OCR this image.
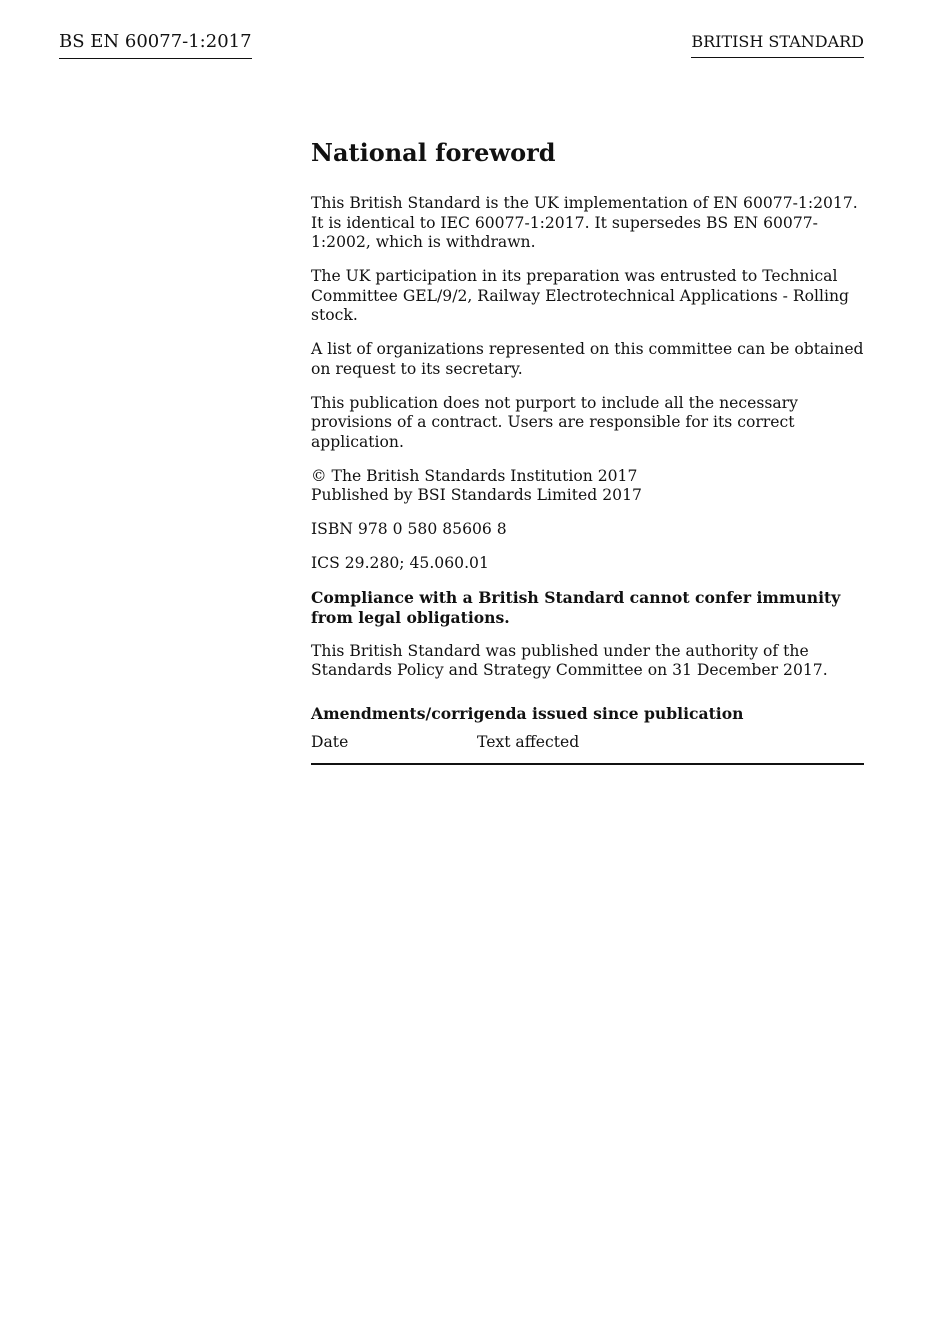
BS EN 60077-1:2017	BRITISH STANDARD
National foreword

This British Standard is the UK implementation of EN 60077-1:2017. It is identical to IEC 60077-1:2017. It supersedes BS EN 60077-1:2002, which is withdrawn.

The UK participation in its preparation was entrusted to Technical Committee GEL/9/2, Railway Electrotechnical Applications - Rolling stock.

A list of organizations represented on this committee can be obtained on request to its secretary.

This publication does not purport to include all the necessary provisions of a contract. Users are responsible for its correct application.

© The British Standards Institution 2017
Published by BSI Standards Limited 2017

ISBN 978 0 580 85606 8

ICS 29.280; 45.060.01

Compliance with a British Standard cannot confer immunity from legal obligations.

This British Standard was published under the authority of the Standards Policy and Strategy Committee on 31 December 2017.

Amendments/corrigenda issued since publication
Date	Text affected
